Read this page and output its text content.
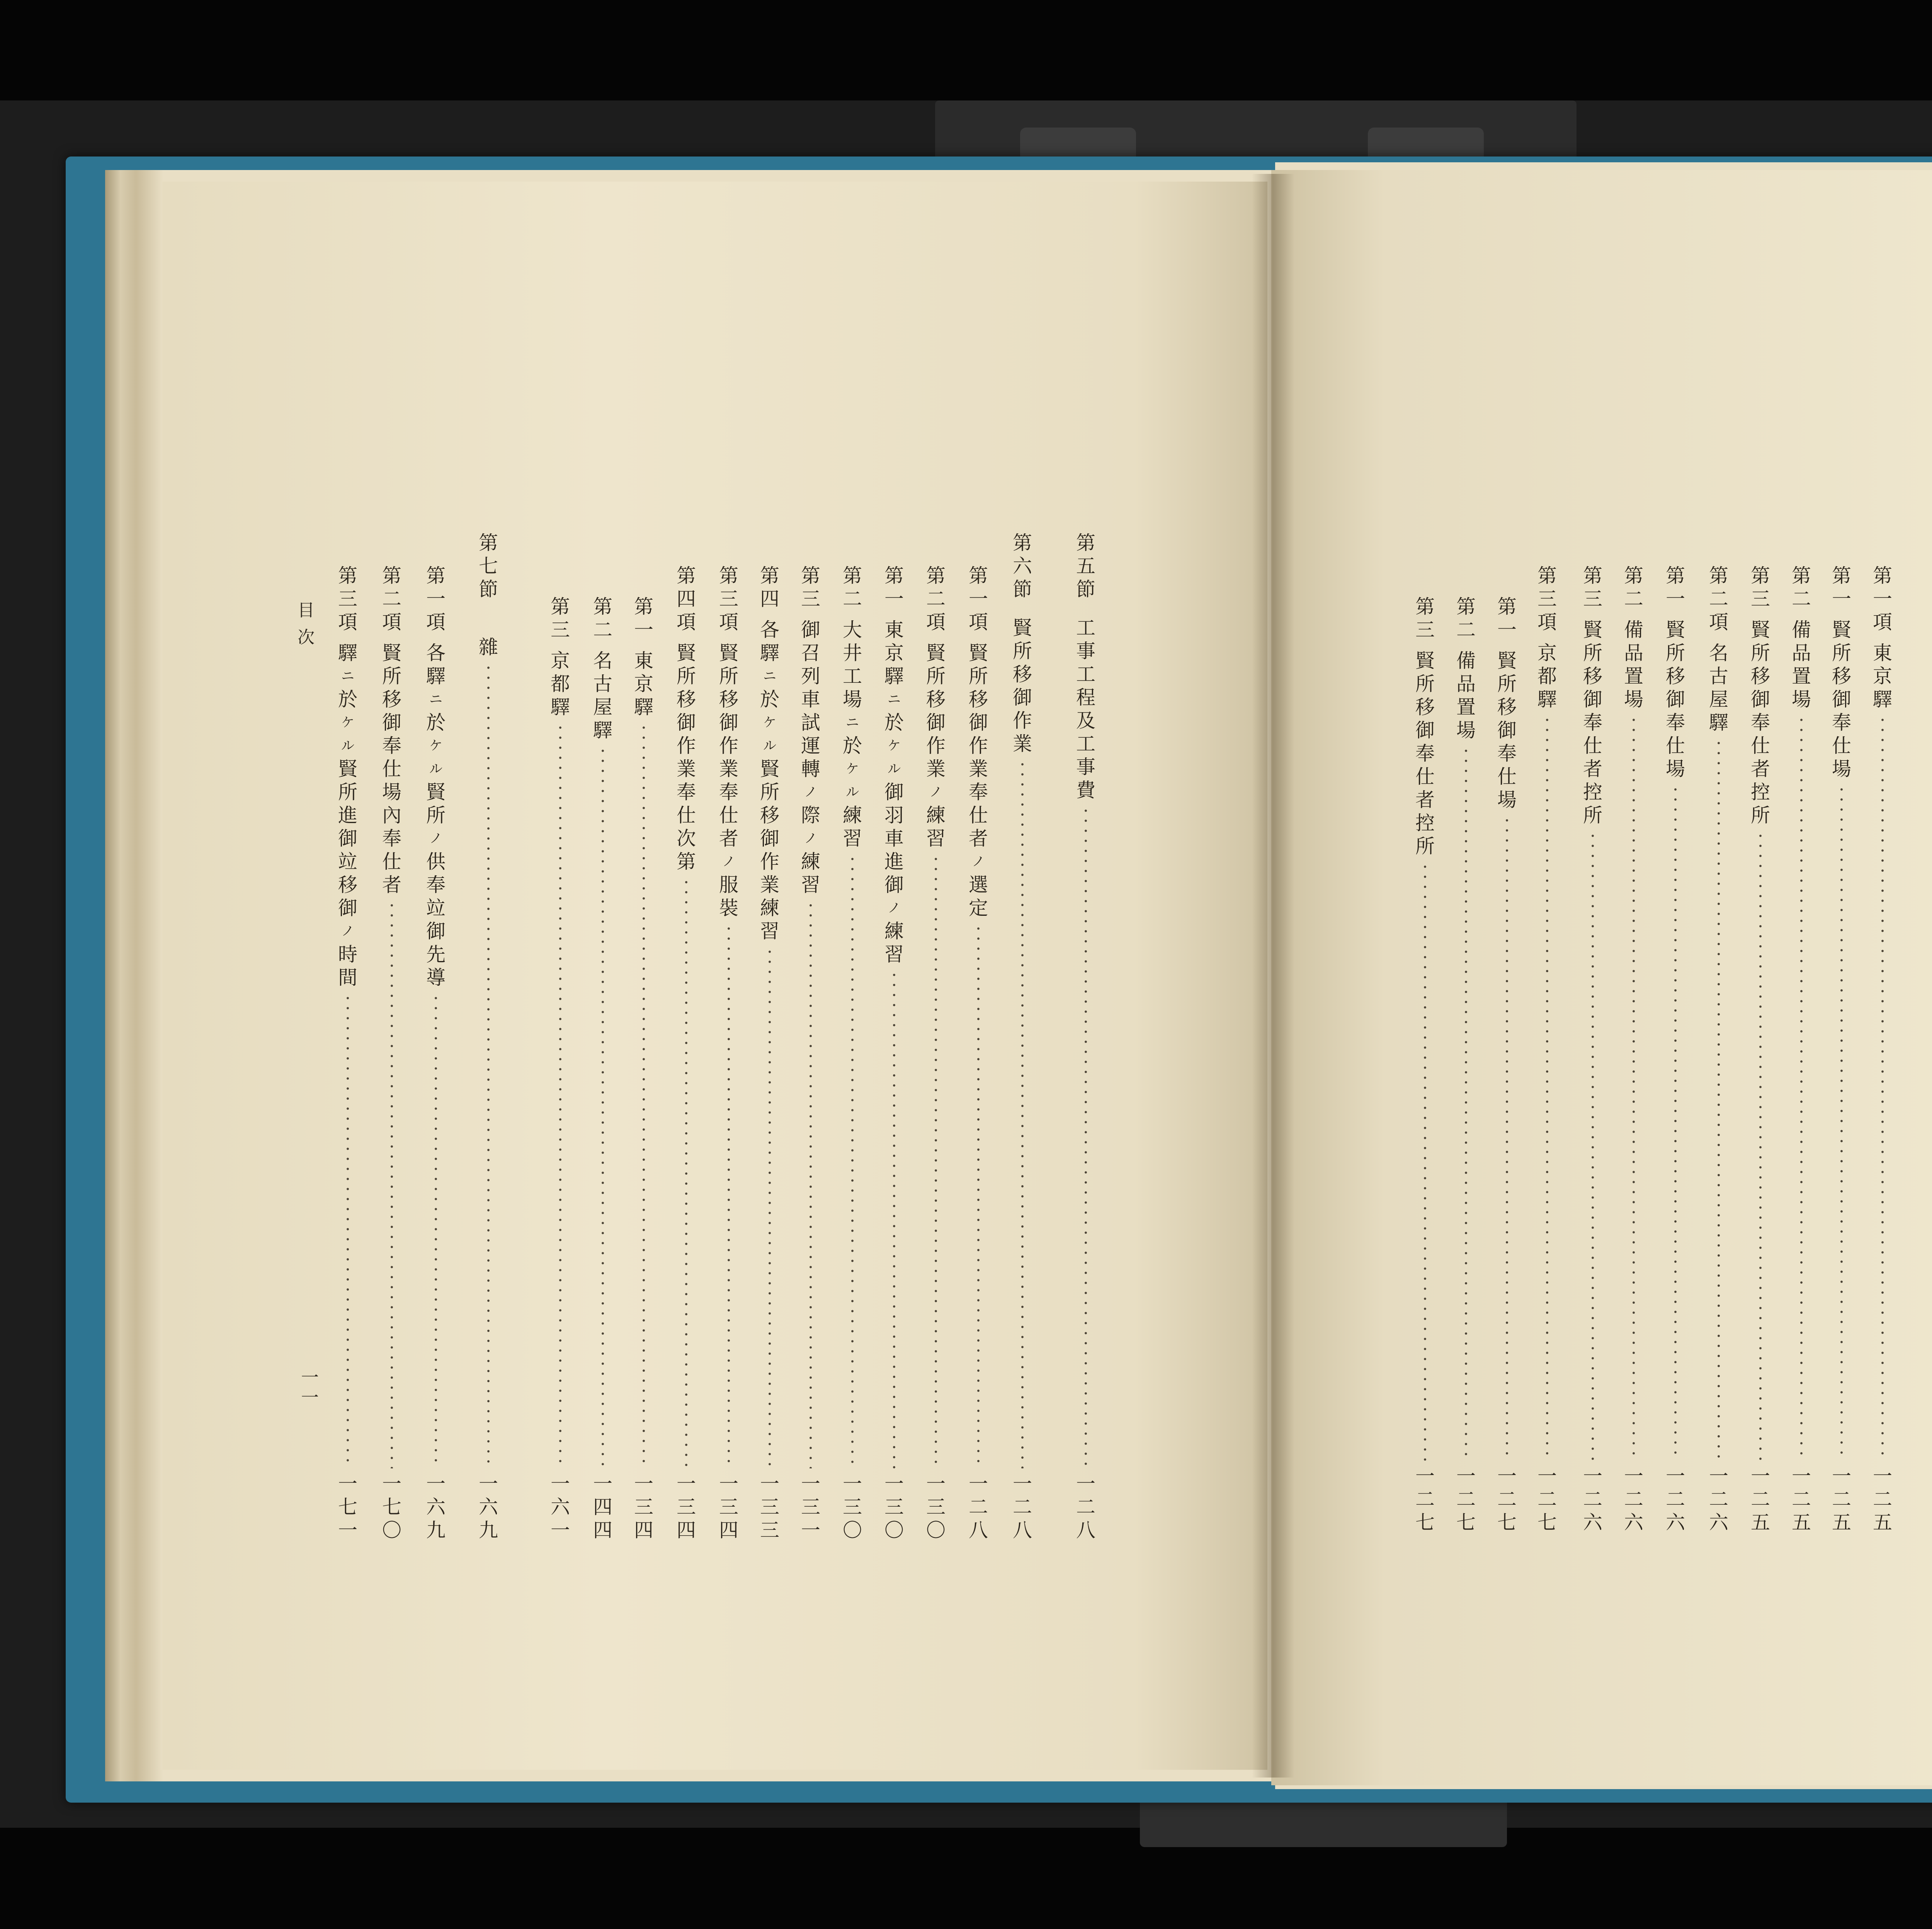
目
次
一一
第
一
項
東
京
驛
一
二
五
第
一
賢
所
移
御
奉
仕
場
一
二
五
第
二
備
品
置
場
一
二
五
第
三
賢
所
移
御
奉
仕
者
控
所
一
二
五
第
二
項
名
古
屋
驛
一
二
六
第
一
賢
所
移
御
奉
仕
場
一
二
六
第
二
備
品
置
場
一
二
六
第
三
賢
所
移
御
奉
仕
者
控
所
一
二
六
第
三
項
京
都
驛
一
二
七
第
一
賢
所
移
御
奉
仕
場
一
二
七
第
二
備
品
置
場
一
二
七
第
三
賢
所
移
御
奉
仕
者
控
所
一
二
七
第
五
節
工
事
工
程
及
工
事
費
一
二
八
第
六
節
賢
所
移
御
作
業
一
二
八
第
一
項
賢
所
移
御
作
業
奉
仕
者
ノ
選
定
一
二
八
第
二
項
賢
所
移
御
作
業
ノ
練
習
一
三
〇
第
一
東
京
驛
ニ
於
ケ
ル
御
羽
車
進
御
ノ
練
習
一
三
〇
第
二
大
井
工
場
ニ
於
ケ
ル
練
習
一
三
〇
第
三
御
召
列
車
試
運
轉
ノ
際
ノ
練
習
一
三
一
第
四
各
驛
ニ
於
ケ
ル
賢
所
移
御
作
業
練
習
一
三
三
第
三
項
賢
所
移
御
作
業
奉
仕
者
ノ
服
裝
一
三
四
第
四
項
賢
所
移
御
作
業
奉
仕
次
第
一
三
四
第
一
東
京
驛
一
三
四
第
二
名
古
屋
驛
一
四
四
第
三
京
都
驛
一
六
一
第
七
節
雜
一
六
九
第
一
項
各
驛
ニ
於
ケ
ル
賢
所
ノ
供
奉
竝
御
先
導
一
六
九
第
二
項
賢
所
移
御
奉
仕
場
內
奉
仕
者
一
七
〇
第
三
項
驛
ニ
於
ケ
ル
賢
所
進
御
竝
移
御
ノ
時
間
一
七
一
